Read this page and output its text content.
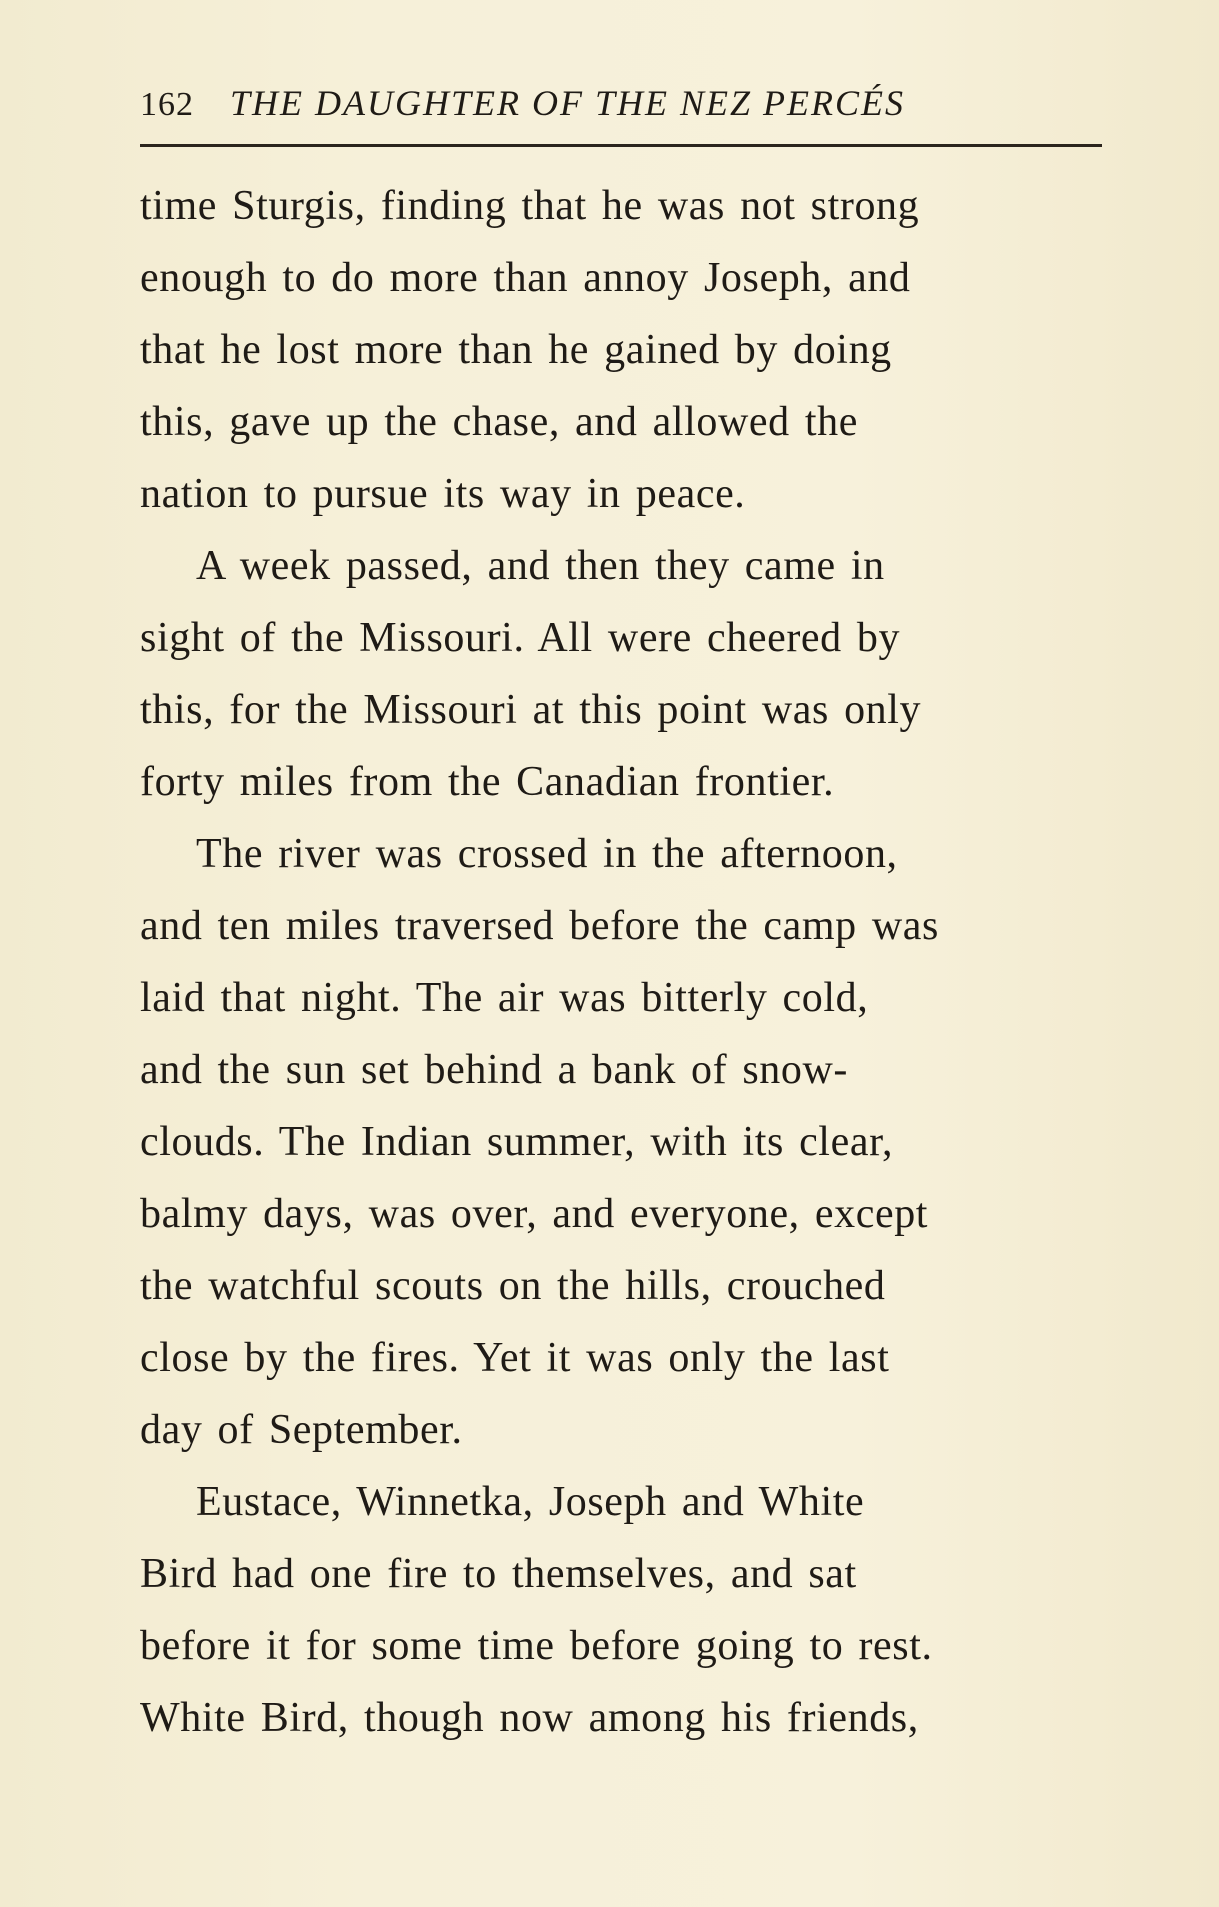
162 THE DAUGHTER OF THE NEZ PERCÉS
time Sturgis, finding that he was not strong
enough to do more than annoy Joseph, and
that he lost more than he gained by doing
this, gave up the chase, and allowed the
nation to pursue its way in peace.
A week passed, and then they came in
sight of the Missouri. All were cheered by
this, for the Missouri at this point was only
forty miles from the Canadian frontier.
The river was crossed in the afternoon,
and ten miles traversed before the camp was
laid that night. The air was bitterly cold,
and the sun set behind a bank of snow-
clouds. The Indian summer, with its clear,
balmy days, was over, and everyone, except
the watchful scouts on the hills, crouched
close by the fires. Yet it was only the last
day of September.
Eustace, Winnetka, Joseph and White
Bird had one fire to themselves, and sat
before it for some time before going to rest.
White Bird, though now among his friends,
